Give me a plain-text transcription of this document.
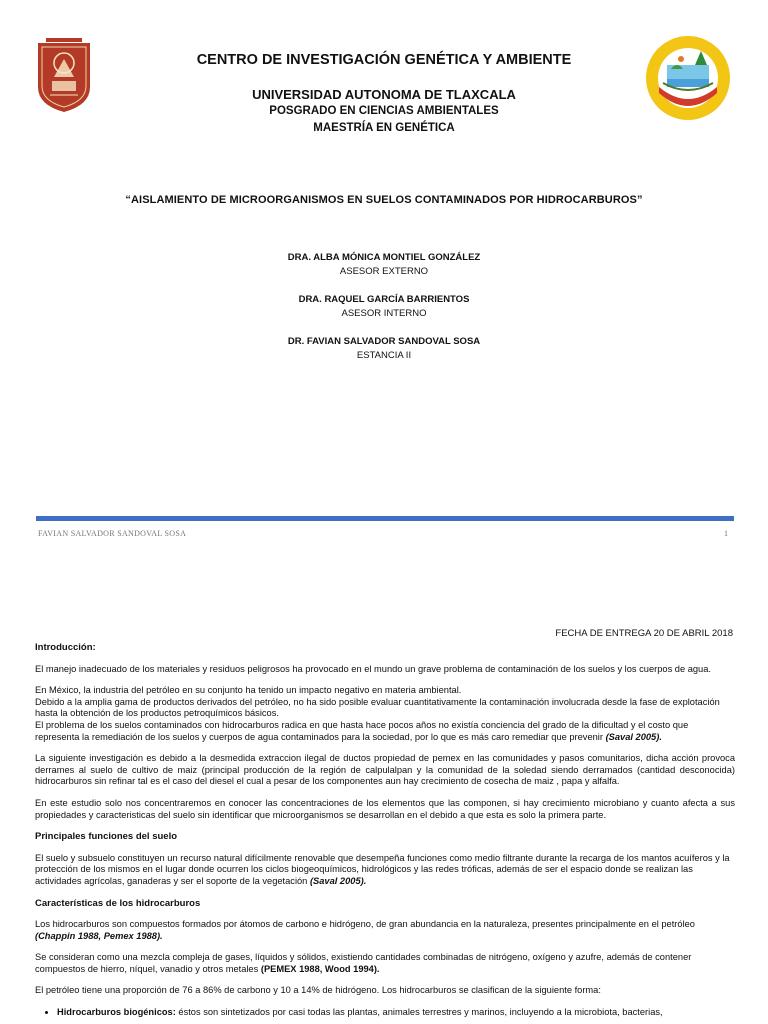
CENTRO DE INVESTIGACIÓN GENÉTICA Y AMBIENTE
UNIVERSIDAD AUTONOMA DE TLAXCALA
POSGRADO EN CIENCIAS AMBIENTALES
MAESTRÍA EN GENÉTICA
“AISLAMIENTO DE MICROORGANISMOS EN SUELOS CONTAMINADOS POR HIDROCARBUROS”
DRA. ALBA MÓNICA MONTIEL GONZÁLEZ
ASESOR EXTERNO
DRA. RAQUEL GARCÍA BARRIENTOS
ASESOR INTERNO
DR. FAVIAN SALVADOR SANDOVAL SOSA
ESTANCIA II
FAVIAN SALVADOR SANDOVAL SOSA	1
FECHA DE ENTREGA 20 DE ABRIL 2018

Introducción:

El manejo inadecuado de los materiales y residuos peligrosos ha provocado en el mundo un grave problema de contaminación de los suelos y los cuerpos de agua.

En México, la industria del petróleo en su conjunto ha tenido un impacto negativo en materia ambiental.

Debido a la amplia gama de productos derivados del petróleo, no ha sido posible evaluar cuantitativamente la contaminación involucrada desde la fase de explotación hasta la obtención de los productos petroquímicos básicos.

El problema de los suelos contaminados con hidrocarburos radica en que hasta hace pocos años no existía conciencia del grado de la dificultad y el costo que representa la remediación de los suelos y cuerpos de agua contaminados para la sociedad, por lo que es más caro remediar que prevenir (Saval 2005).

La siguiente investigación es debido a la desmedida extraccion ilegal de ductos propiedad de pemex en las comunidades y pasos comunitarios, dicha acción provoca derrames al suelo de cultivo de maiz (principal producción de la región de calpulalpan y la comunidad de la soledad siendo derramados (cantidad desconocida) hidrocarburos sin refinar tal es el caso del diesel el cual a pesar de los componentes aun hay crecimiento de cosecha de maiz , papa y alfalfa.

En este estudio solo nos concentraremos en conocer las concentraciones de los elementos que las componen, si hay crecimiento microbiano y cuanto afecta a sus propiedades y caracteristicas del suelo sin identificar que microorganismos se desarrollan en el debido a que esta es solo la primera parte.

Principales funciones del suelo

El suelo y subsuelo constituyen un recurso natural difícilmente renovable que desempeña funciones como medio filtrante durante la recarga de los mantos acuíferos y la protección de los mismos en el lugar donde ocurren los ciclos biogeoquímicos, hidrológicos y las redes tróficas, además de ser el espacio donde se realizan las actividades agrícolas, ganaderas y ser el soporte de la vegetación (Saval 2005).

Características de los hidrocarburos

Los hidrocarburos son compuestos formados por átomos de carbono e hidrógeno, de gran abundancia en la naturaleza, presentes principalmente en el petróleo (Chappin 1988, Pemex 1988).

Se consideran como una mezcla compleja de gases, líquidos y sólidos, existiendo cantidades combinadas de nitrógeno, oxígeno y azufre, además de contener compuestos de hierro, níquel, vanadio y otros metales (PEMEX 1988, Wood 1994).

El petróleo tiene una proporción de 76 a 86% de carbono y 10 a 14% de hidrógeno. Los hidrocarburos se clasifican de la siguiente forma:

• Hidrocarburos biogénicos: éstos son sintetizados por casi todas las plantas, animales terrestres y marinos, incluyendo a la microbiota, bacterias,
